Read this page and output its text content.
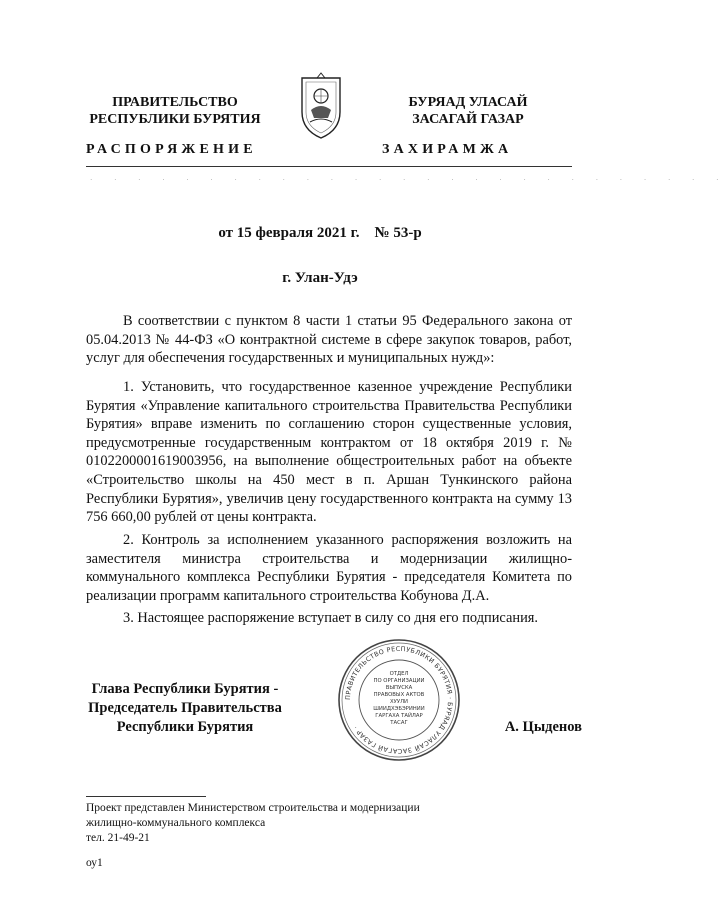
ПРАВИТЕЛЬСТВО
РЕСПУБЛИКИ БУРЯТИЯ
БУРЯАД УЛАСАЙ
ЗАСАГАЙ ГАЗАР
РАСПОРЯЖЕНИЕ	ЗАХИРАМЖА
· · · · · · · · · · · · · · · · · · · · · · · · · · ·
от 15 февраля 2021 г.    № 53-р
г. Улан-Удэ

В соответствии с пунктом 8 части 1 статьи 95 Федерального закона от 05.04.2013 № 44-ФЗ «О контрактной системе в сфере закупок товаров, работ, услуг для обеспечения государственных и муниципальных нужд»:

1. Установить, что государственное казенное учреждение Республики Бурятия «Управление капитального строительства Правительства Республики Бурятия» вправе изменить по соглашению сторон существенные условия, предусмотренные государственным контрактом от 18 октября 2019 г. № 0102200001619003956, на выполнение общестроительных работ на объекте «Строительство школы на 450 мест в п. Аршан Тункинского района Республики Бурятия», увеличив цену государственного контракта на сумму 13 756 660,00 рублей от цены контракта.

2. Контроль за исполнением указанного распоряжения возложить на заместителя министра строительства и модернизации жилищно-коммунального комплекса Республики Бурятия - председателя Комитета по реализации программ капитального строительства Кобунова Д.А.

3. Настоящее распоряжение вступает в силу со дня его подписания.

Глава Республики Бурятия -
Председатель Правительства
Республики Бурятия	А. Цыденов
ПРАВИТЕЛЬСТВО РЕСПУБЛИКИ БУРЯТИЯ · БУРЯАД УЛАСАЙ ЗАСАГАЙ ГАЗАР ·
ОТДЕЛ
ПО ОРГАНИЗАЦИИ
ВЫПУСКА
ПРАВОВЫХ АКТОВ
ХУУЛИ
ШИИДХЭБЭРИНИИ
ГАРГАХА ТАЙЛАР
ТАСАГ
Проект представлен Министерством строительства и модернизации
жилищно-коммунального комплекса
тел. 21-49-21
оу1
